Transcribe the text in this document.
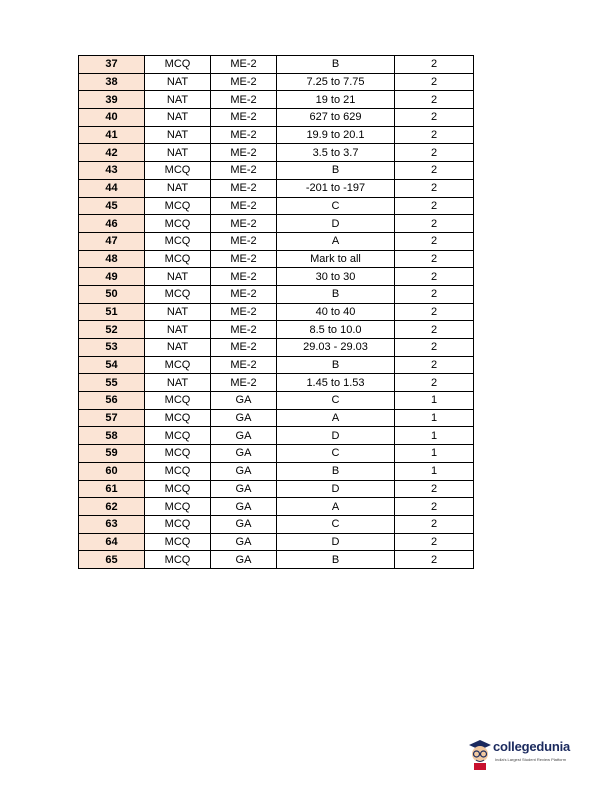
37	MCQ	ME-2	B	2
38	NAT	ME-2	7.25 to 7.75	2
39	NAT	ME-2	19 to 21	2
40	NAT	ME-2	627 to 629	2
41	NAT	ME-2	19.9 to 20.1	2
42	NAT	ME-2	3.5 to 3.7	2
43	MCQ	ME-2	B	2
44	NAT	ME-2	-201 to -197	2
45	MCQ	ME-2	C	2
46	MCQ	ME-2	D	2
47	MCQ	ME-2	A	2
48	MCQ	ME-2	Mark to all	2
49	NAT	ME-2	30 to 30	2
50	MCQ	ME-2	B	2
51	NAT	ME-2	40 to 40	2
52	NAT	ME-2	8.5 to 10.0	2
53	NAT	ME-2	29.03 - 29.03	2
54	MCQ	ME-2	B	2
55	NAT	ME-2	1.45 to 1.53	2
56	MCQ	GA	C	1
57	MCQ	GA	A	1
58	MCQ	GA	D	1
59	MCQ	GA	C	1
60	MCQ	GA	B	1
61	MCQ	GA	D	2
62	MCQ	GA	A	2
63	MCQ	GA	C	2
64	MCQ	GA	D	2
65	MCQ	GA	B	2
collegedunia
India's Largest Student Review Platform
